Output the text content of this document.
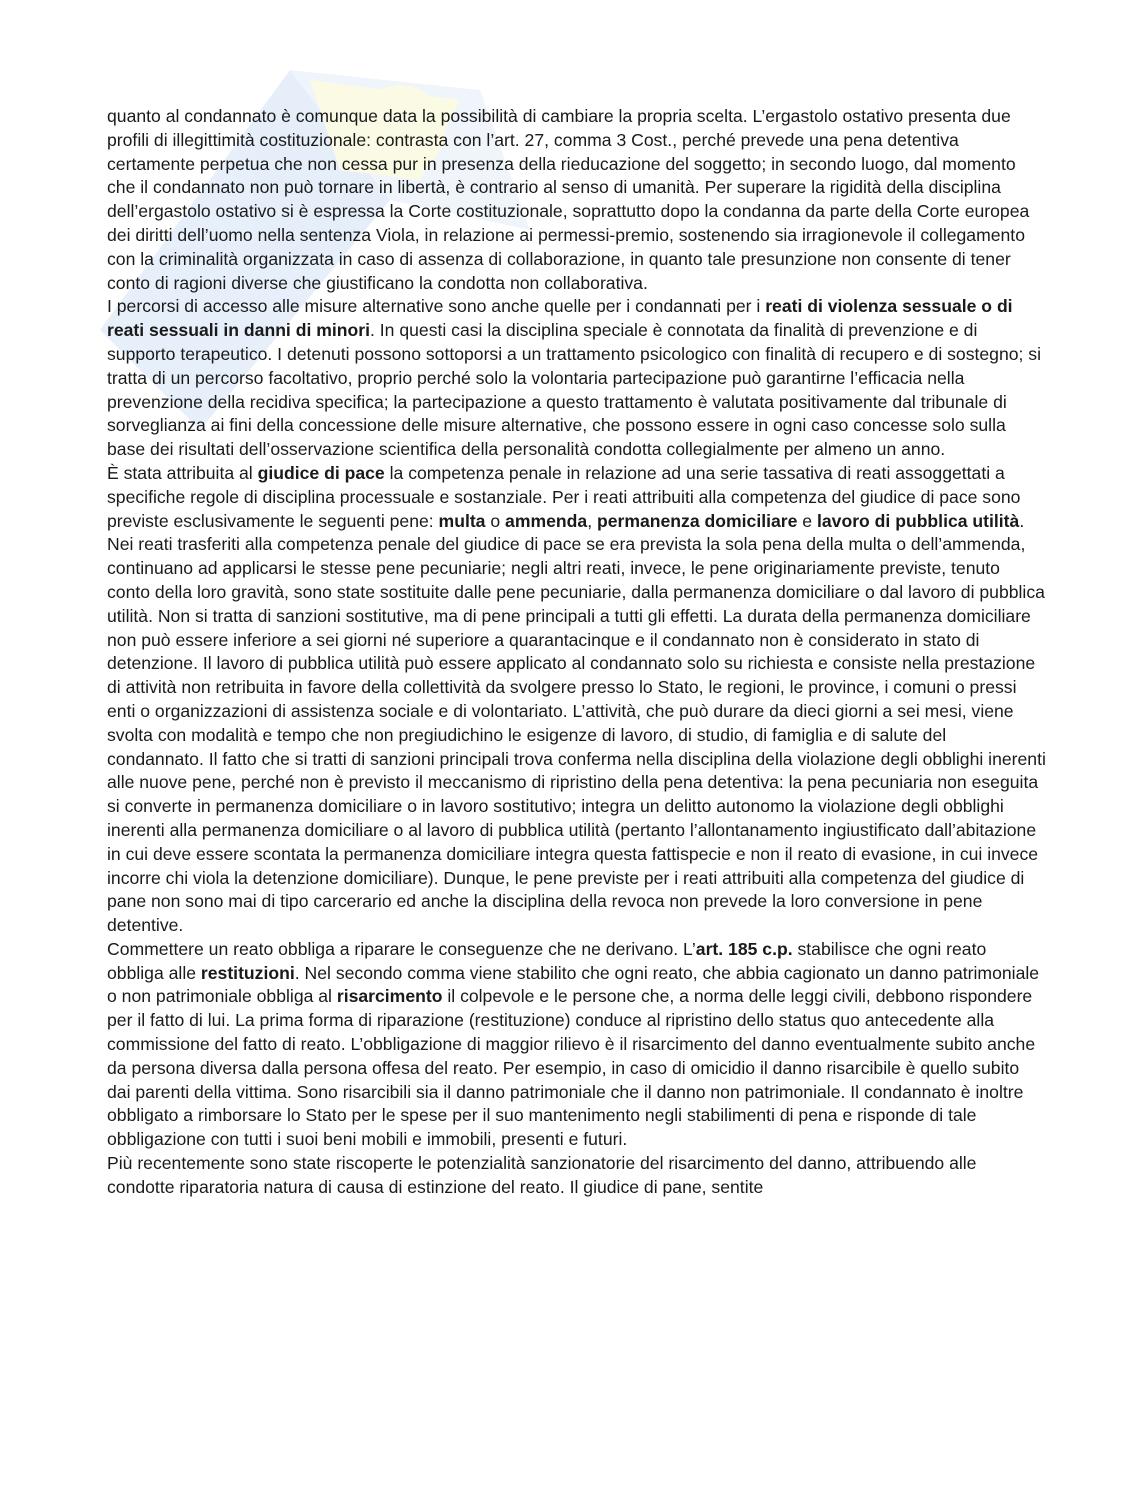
quanto al condannato è comunque data la possibilità di cambiare la propria scelta. L’ergastolo ostativo presenta due profili di illegittimità costituzionale: contrasta con l’art. 27, comma 3 Cost., perché prevede una pena detentiva certamente perpetua che non cessa pur in presenza della rieducazione del soggetto; in secondo luogo, dal momento che il condannato non può tornare in libertà, è contrario al senso di umanità. Per superare la rigidità della disciplina dell’ergastolo ostativo si è espressa la Corte costituzionale, soprattutto dopo la condanna da parte della Corte europea dei diritti dell’uomo nella sentenza Viola, in relazione ai permessi-premio, sostenendo sia irragionevole il collegamento con la criminalità organizzata in caso di assenza di collaborazione, in quanto tale presunzione non consente di tener conto di ragioni diverse che giustificano la condotta non collaborativa.

I percorsi di accesso alle misure alternative sono anche quelle per i condannati per i reati di violenza sessuale o di reati sessuali in danni di minori. In questi casi la disciplina speciale è connotata da finalità di prevenzione e di supporto terapeutico. I detenuti possono sottoporsi a un trattamento psicologico con finalità di recupero e di sostegno; si tratta di un percorso facoltativo, proprio perché solo la volontaria partecipazione può garantirne l’efficacia nella prevenzione della recidiva specifica; la partecipazione a questo trattamento è valutata positivamente dal tribunale di sorveglianza ai fini della concessione delle misure alternative, che possono essere in ogni caso concesse solo sulla base dei risultati dell’osservazione scientifica della personalità condotta collegialmente per almeno un anno.

È stata attribuita al giudice di pace la competenza penale in relazione ad una serie tassativa di reati assoggettati a specifiche regole di disciplina processuale e sostanziale. Per i reati attribuiti alla competenza del giudice di pace sono previste esclusivamente le seguenti pene: multa o ammenda, permanenza domiciliare e lavoro di pubblica utilità. Nei reati trasferiti alla competenza penale del giudice di pace se era prevista la sola pena della multa o dell’ammenda, continuano ad applicarsi le stesse pene pecuniarie; negli altri reati, invece, le pene originariamente previste, tenuto conto della loro gravità, sono state sostituite dalle pene pecuniarie, dalla permanenza domiciliare o dal lavoro di pubblica utilità. Non si tratta di sanzioni sostitutive, ma di pene principali a tutti gli effetti. La durata della permanenza domiciliare non può essere inferiore a sei giorni né superiore a quarantacinque e il condannato non è considerato in stato di detenzione. Il lavoro di pubblica utilità può essere applicato al condannato solo su richiesta e consiste nella prestazione di attività non retribuita in favore della collettività da svolgere presso lo Stato, le regioni, le province, i comuni o pressi enti o organizzazioni di assistenza sociale e di volontariato. L’attività, che può durare da dieci giorni a sei mesi, viene svolta con modalità e tempo che non pregiudichino le esigenze di lavoro, di studio, di famiglia e di salute del condannato. Il fatto che si tratti di sanzioni principali trova conferma nella disciplina della violazione degli obblighi inerenti alle nuove pene, perché non è previsto il meccanismo di ripristino della pena detentiva: la pena pecuniaria non eseguita si converte in permanenza domiciliare o in lavoro sostitutivo; integra un delitto autonomo la violazione degli obblighi inerenti alla permanenza domiciliare o al lavoro di pubblica utilità (pertanto l’allontanamento ingiustificato dall’abitazione in cui deve essere scontata la permanenza domiciliare integra questa fattispecie e non il reato di evasione, in cui invece incorre chi viola la detenzione domiciliare). Dunque, le pene previste per i reati attribuiti alla competenza del giudice di pane non sono mai di tipo carcerario ed anche la disciplina della revoca non prevede la loro conversione in pene detentive.

Commettere un reato obbliga a riparare le conseguenze che ne derivano. L’art. 185 c.p. stabilisce che ogni reato obbliga alle restituzioni. Nel secondo comma viene stabilito che ogni reato, che abbia cagionato un danno patrimoniale o non patrimoniale obbliga al risarcimento il colpevole e le persone che, a norma delle leggi civili, debbono rispondere per il fatto di lui. La prima forma di riparazione (restituzione) conduce al ripristino dello status quo antecedente alla commissione del fatto di reato. L’obbligazione di maggior rilievo è il risarcimento del danno eventualmente subito anche da persona diversa dalla persona offesa del reato. Per esempio, in caso di omicidio il danno risarcibile è quello subito dai parenti della vittima. Sono risarcibili sia il danno patrimoniale che il danno non patrimoniale. Il condannato è inoltre obbligato a rimborsare lo Stato per le spese per il suo mantenimento negli stabilimenti di pena e risponde di tale obbligazione con tutti i suoi beni mobili e immobili, presenti e futuri.

Più recentemente sono state riscoperte le potenzialità sanzionatorie del risarcimento del danno, attribuendo alle condotte riparatoria natura di causa di estinzione del reato. Il giudice di pane, sentite
